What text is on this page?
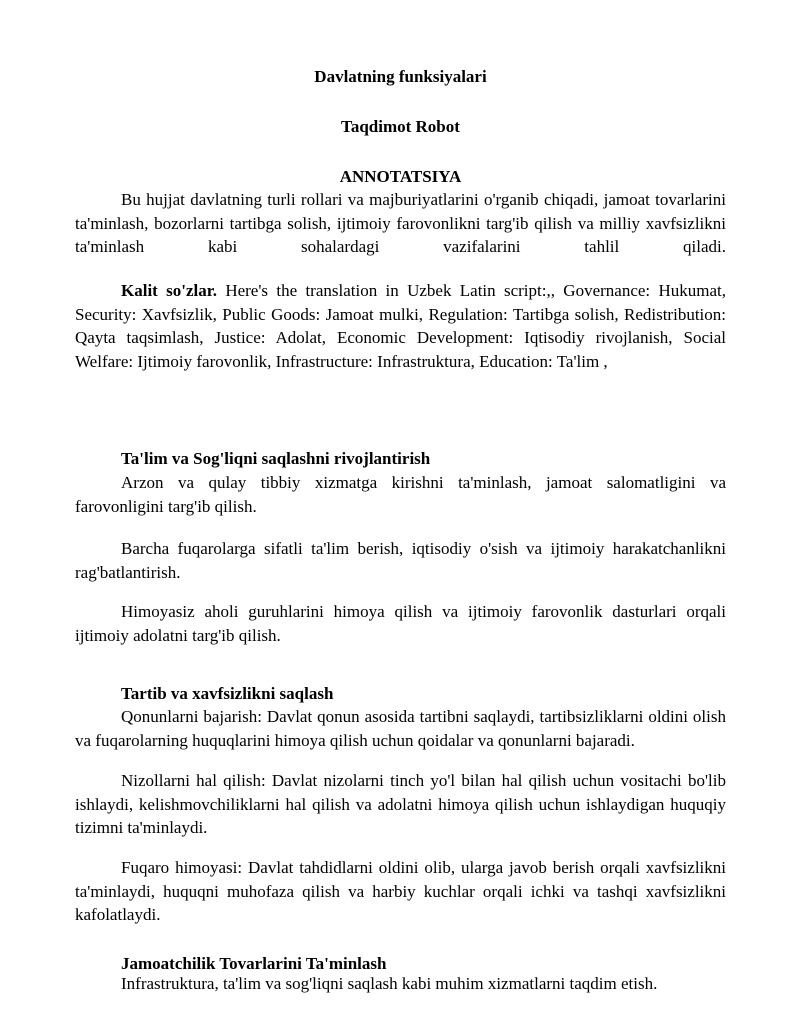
Davlatning funksiyalari

Taqdimot Robot

ANNOTATSIYA

Bu hujjat davlatning turli rollari va majburiyatlarini o'rganib chiqadi, jamoat tovarlarini ta'minlash, bozorlarni tartibga solish, ijtimoiy farovonlikni targ'ib qilish va milliy xavfsizlikni ta'minlash kabi sohalardagi vazifalarini tahlil qiladi.

Kalit so'zlar. Here's the translation in Uzbek Latin script:,, Governance: Hukumat, Security: Xavfsizlik, Public Goods: Jamoat mulki, Regulation: Tartibga solish, Redistribution: Qayta taqsimlash, Justice: Adolat, Economic Development: Iqtisodiy rivojlanish, Social Welfare: Ijtimoiy farovonlik, Infrastructure: Infrastruktura, Education: Ta'lim ,

Ta'lim va Sog'liqni saqlashni rivojlantirish

Arzon va qulay tibbiy xizmatga kirishni ta'minlash, jamoat salomatligini va farovonligini targ'ib qilish.

Barcha fuqarolarga sifatli ta'lim berish, iqtisodiy o'sish va ijtimoiy harakatchanlikni rag'batlantirish.

Himoyasiz aholi guruhlarini himoya qilish va ijtimoiy farovonlik dasturlari orqali ijtimoiy adolatni targ'ib qilish.

Tartib va xavfsizlikni saqlash

Qonunlarni bajarish: Davlat qonun asosida tartibni saqlaydi, tartibsizliklarni oldini olish va fuqarolarning huquqlarini himoya qilish uchun qoidalar va qonunlarni bajaradi.

Nizollarni hal qilish: Davlat nizolarni tinch yo'l bilan hal qilish uchun vositachi bo'lib ishlaydi, kelishmovchiliklarni hal qilish va adolatni himoya qilish uchun ishlaydigan huquqiy tizimni ta'minlaydi.

Fuqaro himoyasi: Davlat tahdidlarni oldini olib, ularga javob berish orqali xavfsizlikni ta'minlaydi, huquqni muhofaza qilish va harbiy kuchlar orqali ichki va tashqi xavfsizlikni kafolatlaydi.

Jamoatchilik Tovarlarini Ta'minlash

Infrastruktura, ta'lim va sog'liqni saqlash kabi muhim xizmatlarni taqdim etish.
